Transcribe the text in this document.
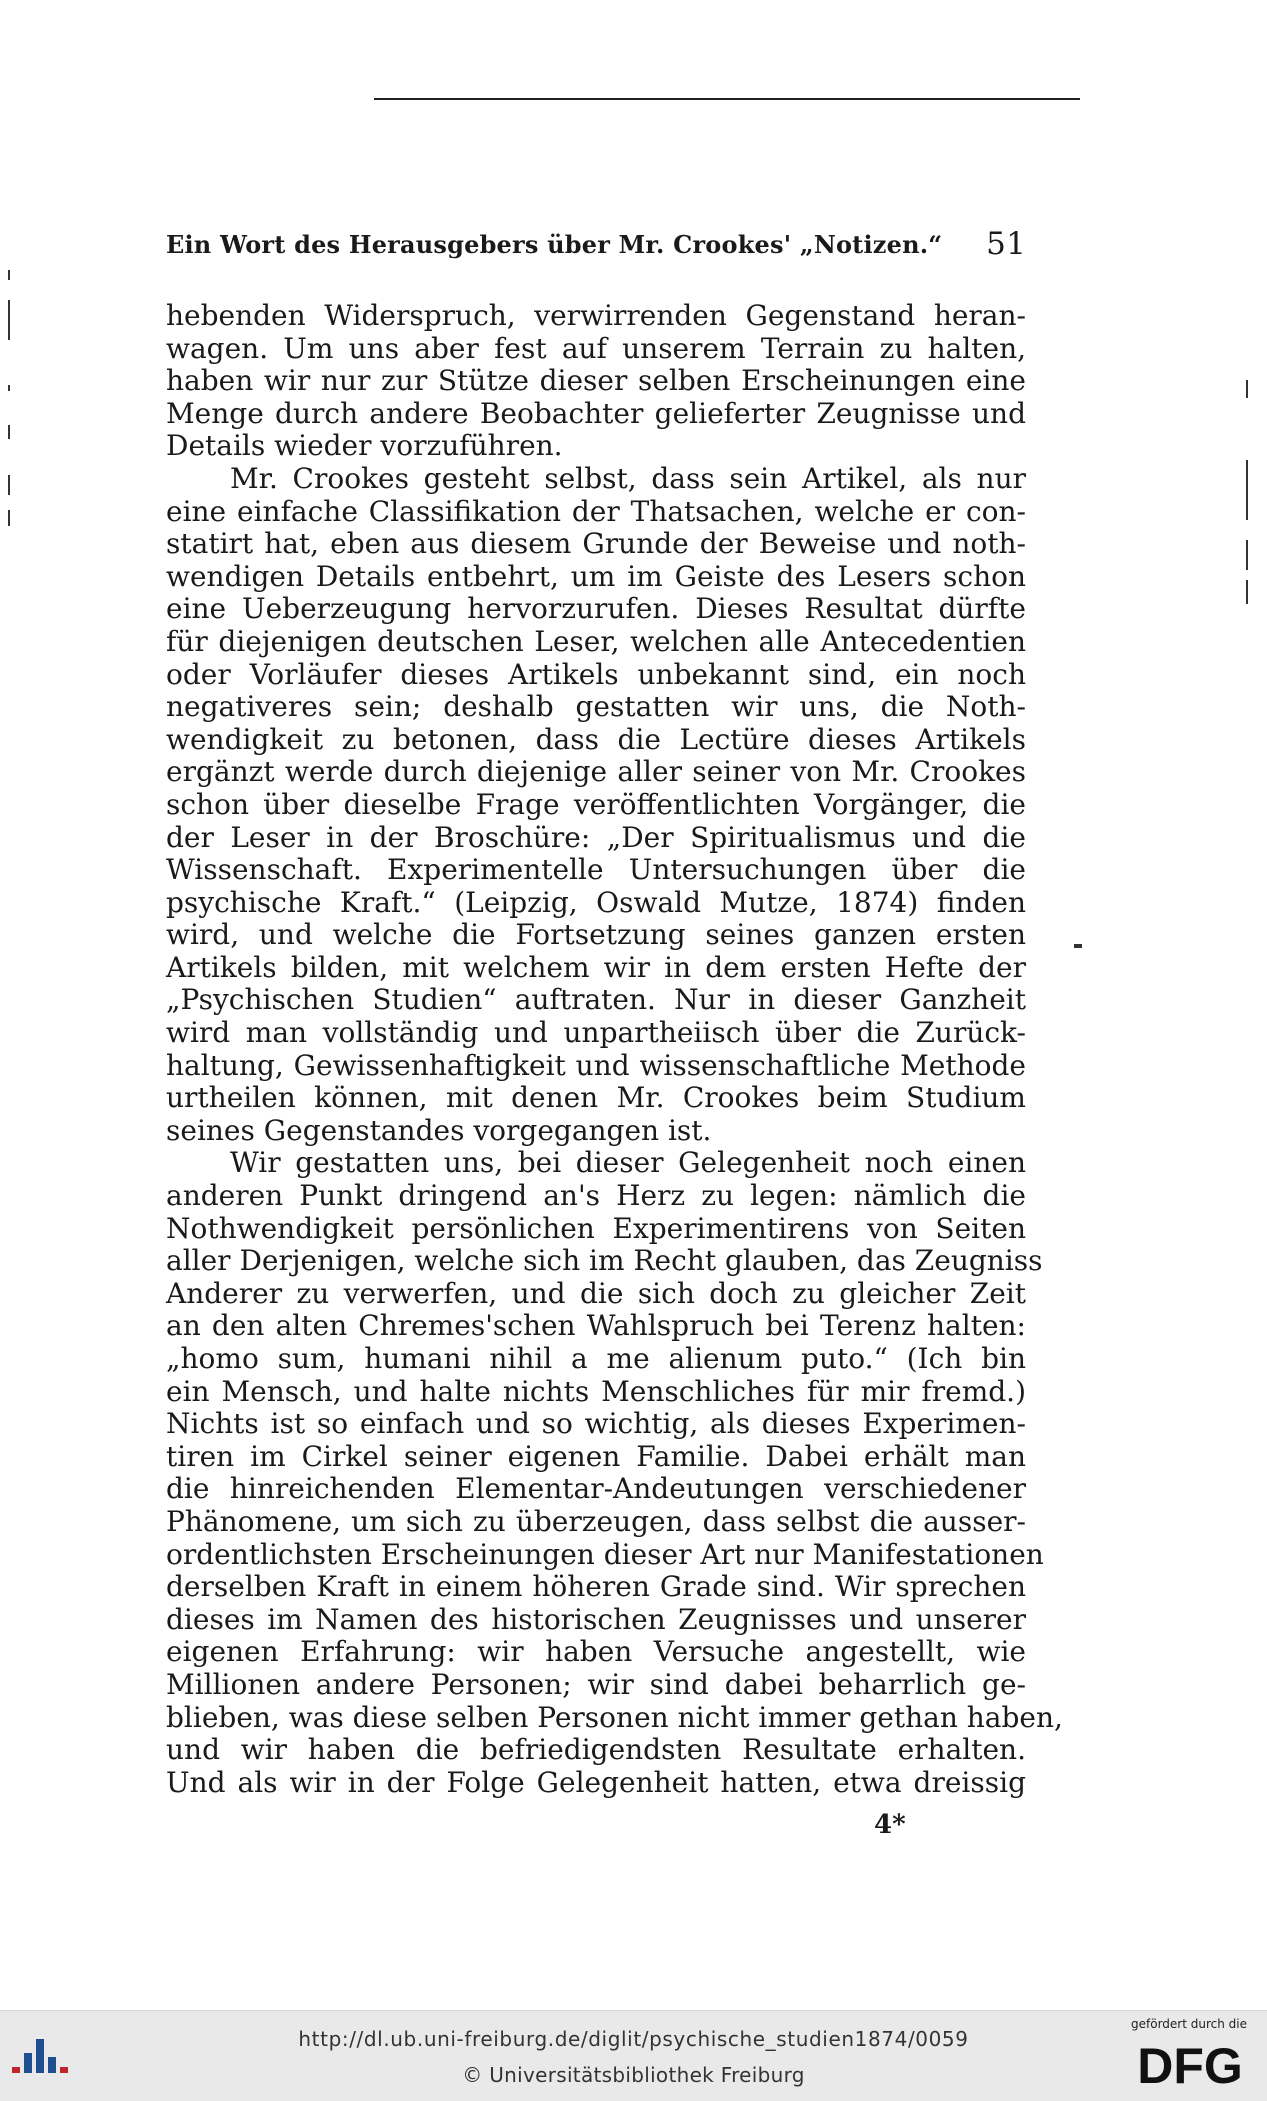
Ein Wort des Herausgebers über Mr. Crookes' „Notizen.“ 51
hebenden Widerspruch, verwirrenden Gegenstand heran-
wagen. Um uns aber fest auf unserem Terrain zu halten,
haben wir nur zur Stütze dieser selben Erscheinungen eine
Menge durch andere Beobachter gelieferter Zeugnisse und
Details wieder vorzuführen.
Mr. Crookes gesteht selbst, dass sein Artikel, als nur
eine einfache Classifikation der Thatsachen, welche er con-
statirt hat, eben aus diesem Grunde der Beweise und noth-
wendigen Details entbehrt, um im Geiste des Lesers schon
eine Ueberzeugung hervorzurufen. Dieses Resultat dürfte
für diejenigen deutschen Leser, welchen alle Antecedentien
oder Vorläufer dieses Artikels unbekannt sind, ein noch
negativeres sein; deshalb gestatten wir uns, die Noth-
wendigkeit zu betonen, dass die Lectüre dieses Artikels
ergänzt werde durch diejenige aller seiner von Mr. Crookes
schon über dieselbe Frage veröffentlichten Vorgänger, die
der Leser in der Broschüre: „Der Spiritualismus und die
Wissenschaft. Experimentelle Untersuchungen über die
psychische Kraft.“ (Leipzig, Oswald Mutze, 1874) finden
wird, und welche die Fortsetzung seines ganzen ersten
Artikels bilden, mit welchem wir in dem ersten Hefte der
„Psychischen Studien“ auftraten. Nur in dieser Ganzheit
wird man vollständig und unpartheiisch über die Zurück-
haltung, Gewissenhaftigkeit und wissenschaftliche Methode
urtheilen können, mit denen Mr. Crookes beim Studium
seines Gegenstandes vorgegangen ist.
Wir gestatten uns, bei dieser Gelegenheit noch einen
anderen Punkt dringend an's Herz zu legen: nämlich die
Nothwendigkeit persönlichen Experimentirens von Seiten
aller Derjenigen, welche sich im Recht glauben, das Zeugniss
Anderer zu verwerfen, und die sich doch zu gleicher Zeit
an den alten Chremes'schen Wahlspruch bei Terenz halten:
„homo sum, humani nihil a me alienum puto.“ (Ich bin
ein Mensch, und halte nichts Menschliches für mir fremd.)
Nichts ist so einfach und so wichtig, als dieses Experimen-
tiren im Cirkel seiner eigenen Familie. Dabei erhält man
die hinreichenden Elementar-Andeutungen verschiedener
Phänomene, um sich zu überzeugen, dass selbst die ausser-
ordentlichsten Erscheinungen dieser Art nur Manifestationen
derselben Kraft in einem höheren Grade sind. Wir sprechen
dieses im Namen des historischen Zeugnisses und unserer
eigenen Erfahrung: wir haben Versuche angestellt, wie
Millionen andere Personen; wir sind dabei beharrlich ge-
blieben, was diese selben Personen nicht immer gethan haben,
und wir haben die befriedigendsten Resultate erhalten.
Und als wir in der Folge Gelegenheit hatten, etwa dreissig
4*
http://dl.ub.uni-freiburg.de/diglit/psychische_studien1874/0059
© Universitätsbibliothek Freiburg
gefördert durch die
DFG
